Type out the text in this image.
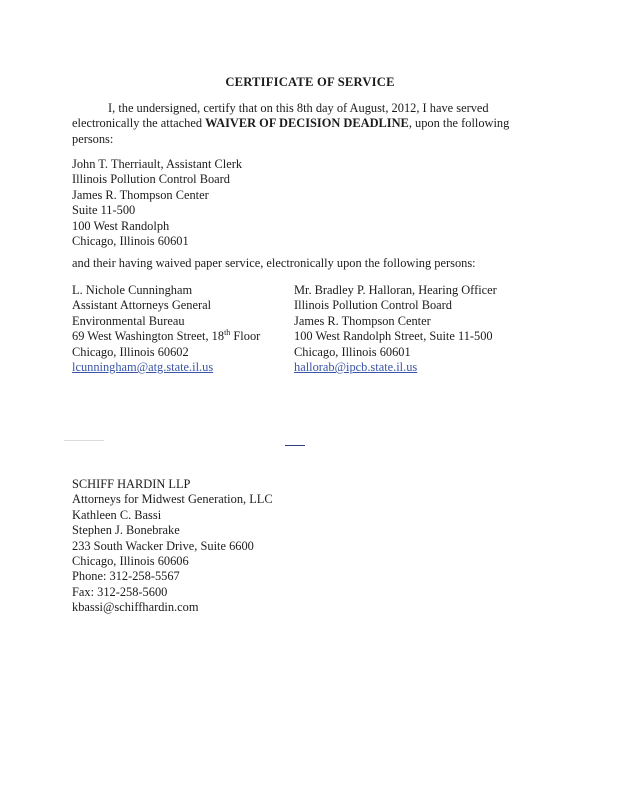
CERTIFICATE OF SERVICE
I, the undersigned, certify that on this 8th day of August, 2012, I have served electronically the attached WAIVER OF DECISION DEADLINE, upon the following persons:
John T. Therriault, Assistant Clerk
Illinois Pollution Control Board
James R. Thompson Center
Suite 11-500
100 West Randolph
Chicago, Illinois 60601
and their having waived paper service, electronically upon the following persons:
L. Nichole Cunningham
Assistant Attorneys General
Environmental Bureau
69 West Washington Street, 18th Floor
Chicago, Illinois 60602
lcunningham@atg.state.il.us
Mr. Bradley P. Halloran, Hearing Officer
Illinois Pollution Control Board
James R. Thompson Center
100 West Randolph Street, Suite 11-500
Chicago, Illinois 60601
hallorab@ipcb.state.il.us
SCHIFF HARDIN LLP
Attorneys for Midwest Generation, LLC
Kathleen C. Bassi
Stephen J. Bonebrake
233 South Wacker Drive, Suite 6600
Chicago, Illinois 60606
Phone: 312-258-5567
Fax: 312-258-5600
kbassi@schiffhardin.com
